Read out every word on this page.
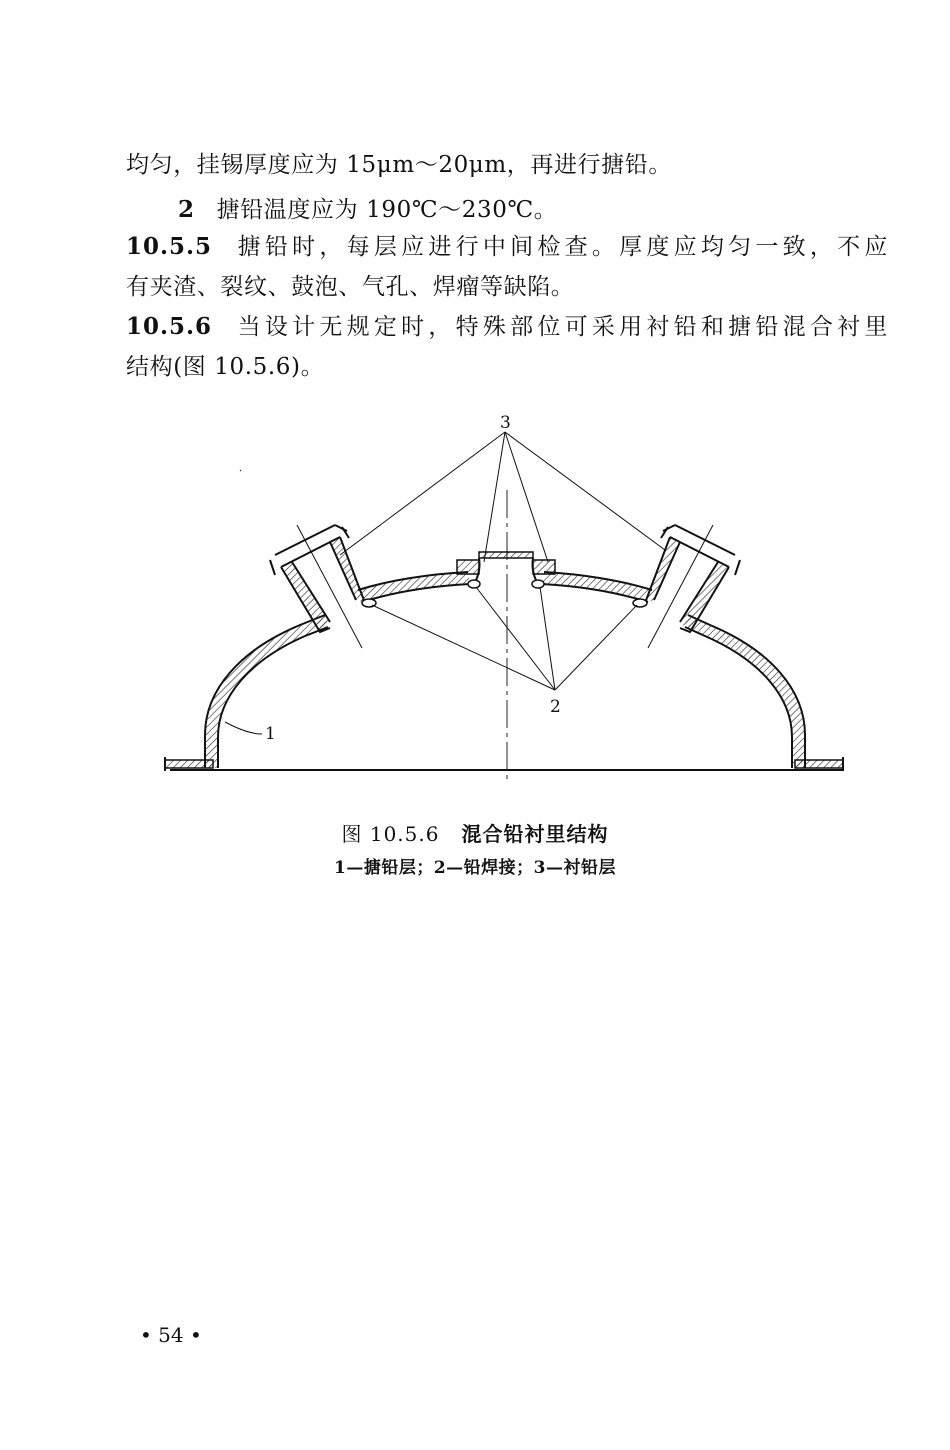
均匀，挂锡厚度应为 15μm～20μm，再进行搪铅。
2 搪铅温度应为 190℃～230℃。
10.5.5 搪铅时，每层应进行中间检查。厚度应均匀一致，不应
有夹渣、裂纹、鼓泡、气孔、焊瘤等缺陷。
10.5.6 当设计无规定时，特殊部位可采用衬铅和搪铅混合衬里
结构(图 10.5.6)。
3
2
1
图 10.5.6 混合铅衬里结构
1—搪铅层；2—铅焊接；3—衬铅层
• 54 •
